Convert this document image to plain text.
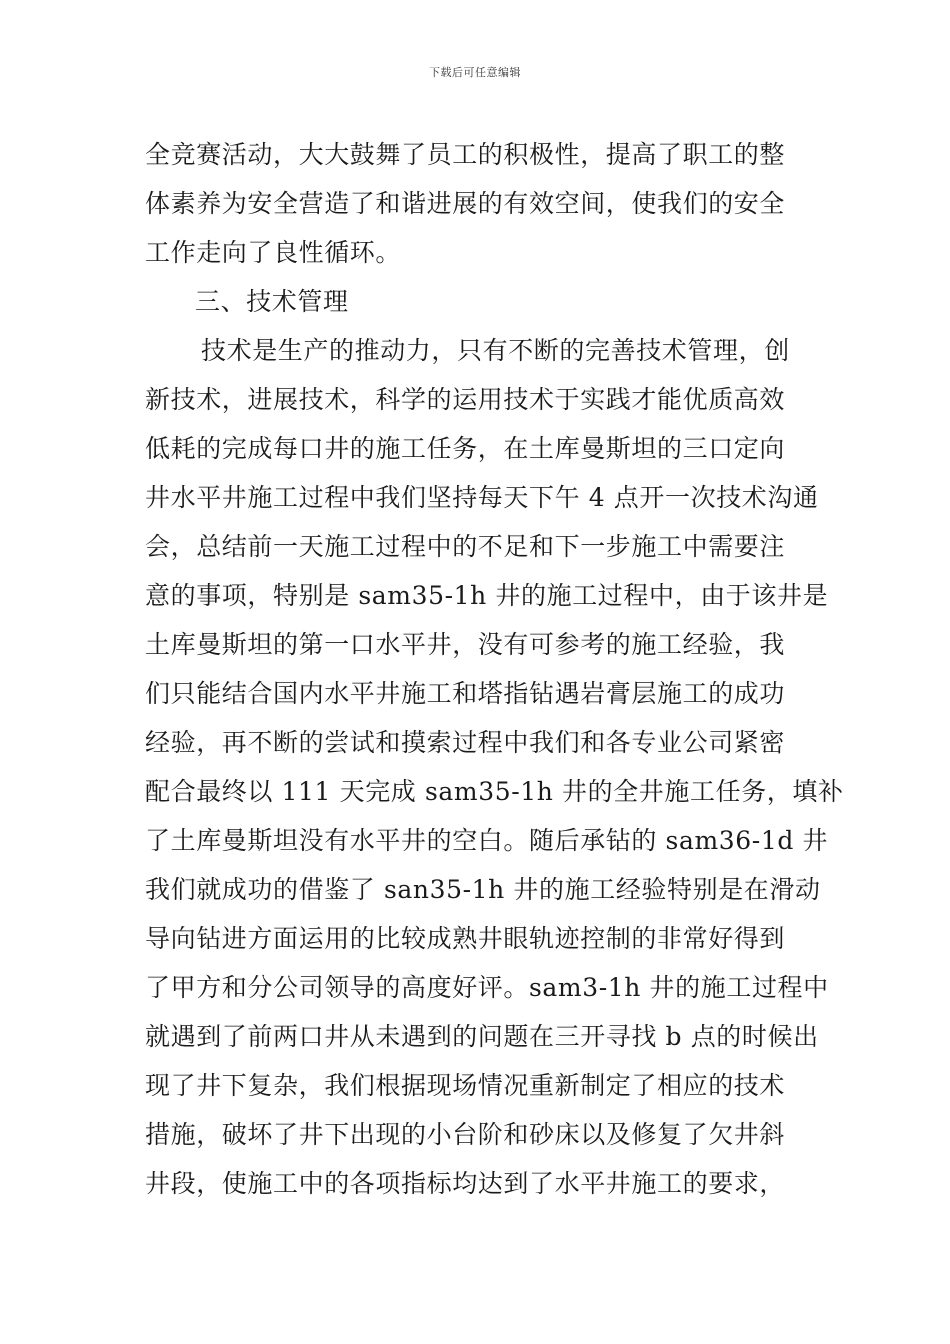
下载后可任意编辑
全竞赛活动，大大鼓舞了员工的积极性，提高了职工的整
体素养为安全营造了和谐进展的有效空间，使我们的安全
工作走向了良性循环。
三、技术管理
技术是生产的推动力，只有不断的完善技术管理，创
新技术，进展技术，科学的运用技术于实践才能优质高效
低耗的完成每口井的施工任务，在土库曼斯坦的三口定向
井水平井施工过程中我们坚持每天下午 4 点开一次技术沟通
会，总结前一天施工过程中的不足和下一步施工中需要注
意的事项，特别是 sam35-1h 井的施工过程中，由于该井是
土库曼斯坦的第一口水平井，没有可参考的施工经验，我
们只能结合国内水平井施工和塔指钻遇岩膏层施工的成功
经验，再不断的尝试和摸索过程中我们和各专业公司紧密
配合最终以 111 天完成 sam35-1h 井的全井施工任务，填补
了土库曼斯坦没有水平井的空白。随后承钻的 sam36-1d 井
我们就成功的借鉴了 san35-1h 井的施工经验特别是在滑动
导向钻进方面运用的比较成熟井眼轨迹控制的非常好得到
了甲方和分公司领导的高度好评。sam3-1h 井的施工过程中
就遇到了前两口井从未遇到的问题在三开寻找 b 点的时候出
现了井下复杂，我们根据现场情况重新制定了相应的技术
措施，破坏了井下出现的小台阶和砂床以及修复了欠井斜
井段，使施工中的各项指标均达到了水平井施工的要求，
